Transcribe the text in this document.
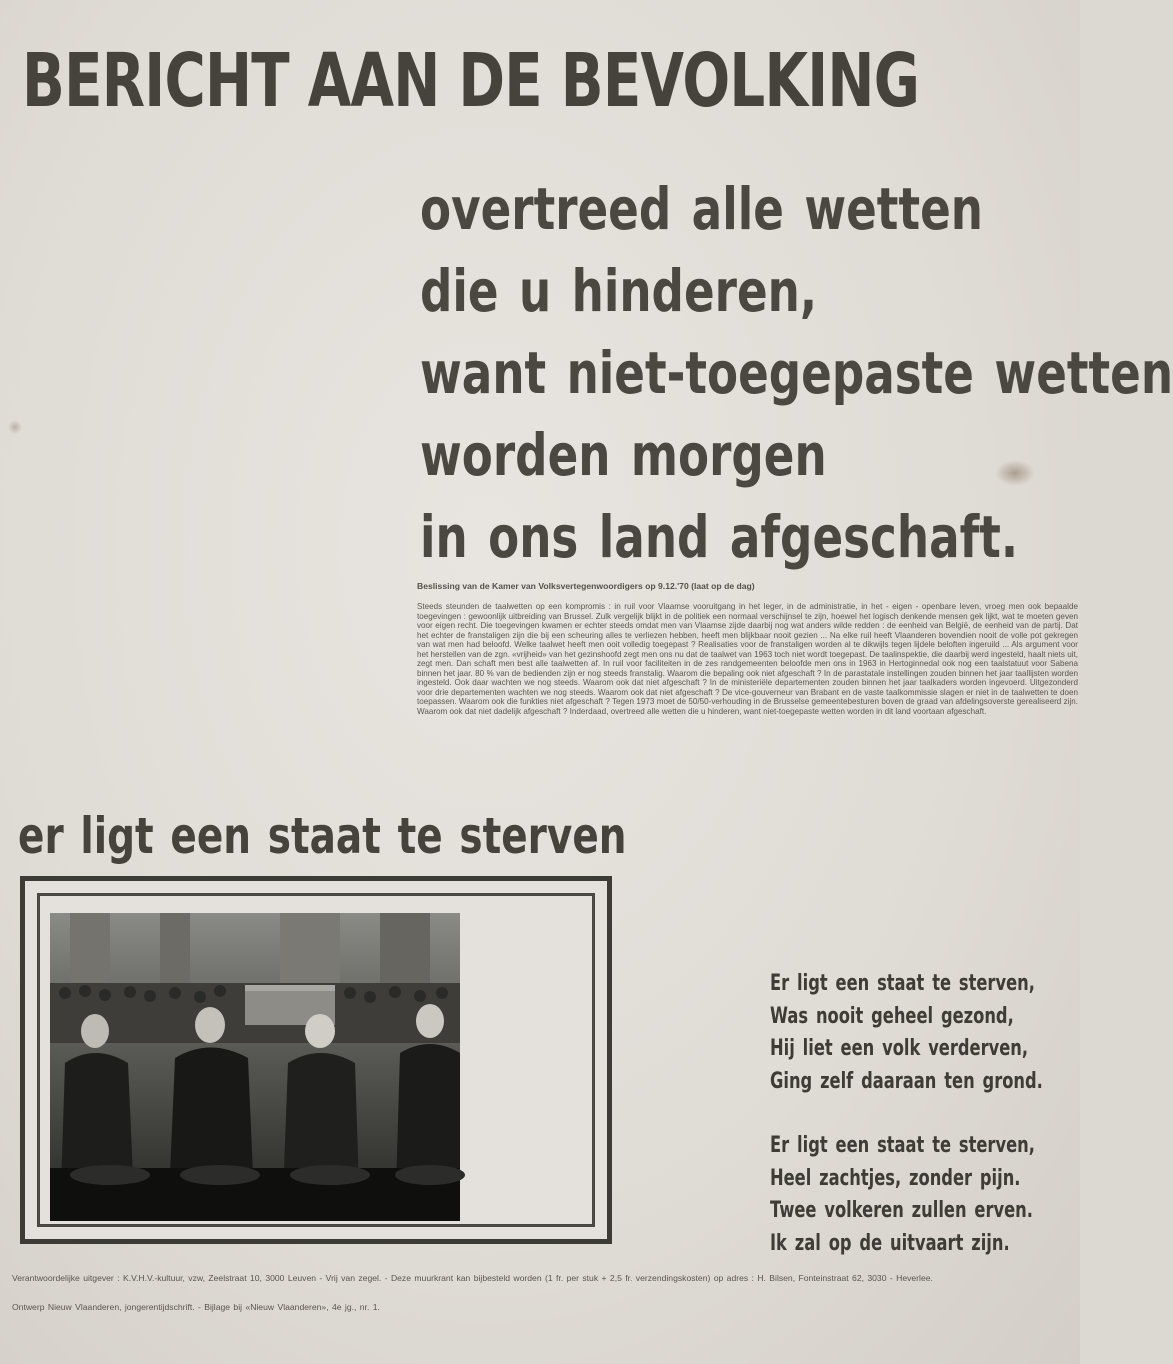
BERICHT AAN DE BEVOLKING
overtreed alle wetten
die u hinderen,
want niet-toegepaste wetten
worden morgen
in ons land afgeschaft.
Beslissing van de Kamer van Volksvertegenwoordigers op 9.12.'70 (laat op de dag)
Steeds steunden de taalwetten op een kompromis : in ruil voor Vlaamse vooruitgang in het leger, in de administratie, in het - eigen - openbare leven, vroeg men ook bepaalde toegevingen : gewoonlijk uitbreiding van Brussel. Zulk vergelijk blijkt in de politiek een normaal verschijnsel te zijn, hoewel het logisch denkende mensen gek lijkt, wat te moeten geven voor eigen recht. Die toegevingen kwamen er echter steeds omdat men van Vlaamse zijde daarbij nog wat anders wilde redden : de eenheid van België, de eenheid van de partij. Dat het echter de franstaligen zijn die bij een scheuring alles te verliezen hebben, heeft men blijkbaar nooit gezien ... Na elke ruil heeft Vlaanderen bovendien nooit de volle pot gekregen van wat men had beloofd. Welke taalwet heeft men ooit volledig toegepast ? Realisaties voor de franstaligen worden al te dikwijls tegen lijdele beloften ingeruild ... Als argument voor het herstellen van de zgn. «vrijheid» van het gezinshoofd zegt men ons nu dat de taalwet van 1963 toch niet wordt toegepast. De taalinspektie, die daarbij werd ingesteld, haalt niets uit, zegt men. Dan schaft men best alle taalwetten af. In ruil voor faciliteiten in de zes randgemeenten beloofde men ons in 1963 in Hertoginnedal ook nog een taalstatuut voor Sabena binnen het jaar. 80 % van de bedienden zijn er nog steeds franstalig. Waarom die bepaling ook niet afgeschaft ? In de parastatale instellingen zouden binnen het jaar taallijsten worden ingesteld. Ook daar wachten we nog steeds. Waarom ook dat niet afgeschaft ? In de ministeriële departementen zouden binnen het jaar taalkaders worden ingevoerd. Uitgezonderd voor drie departementen wachten we nog steeds. Waarom ook dat niet afgeschaft ? De vice-gouverneur van Brabant en de vaste taalkommissie slagen er niet in de taalwetten te doen toepassen. Waarom ook die funkties niet afgeschaft ? Tegen 1973 moet de 50/50-verhouding in de Brusselse gemeentebesturen boven de graad van afdelingsoverste gerealiseerd zijn. Waarom ook dat niet dadelijk afgeschaft ? Inderdaad, overtreed alle wetten die u hinderen, want niet-toegepaste wetten worden in dit land voortaan afgeschaft.
er ligt een staat te sterven
Er ligt een staat te sterven,
Was nooit geheel gezond,
Hij liet een volk verderven,
Ging zelf daaraan ten grond.
Er ligt een staat te sterven,
Heel zachtjes, zonder pijn.
Twee volkeren zullen erven.
Ik zal op de uitvaart zijn.
Verantwoordelijke uitgever : K.V.H.V.-kultuur, vzw, Zeelstraat 10, 3000 Leuven - Vrij van zegel. - Deze muurkrant kan bijbesteld worden (1 fr. per stuk + 2,5 fr. verzendingskosten) op adres : H. Bilsen, Fonteinstraat 62, 3030 - Heverlee.
Ontwerp Nieuw Vlaanderen, jongerentijdschrift. - Bijlage bij «Nieuw Vlaanderen», 4e jg., nr. 1.
